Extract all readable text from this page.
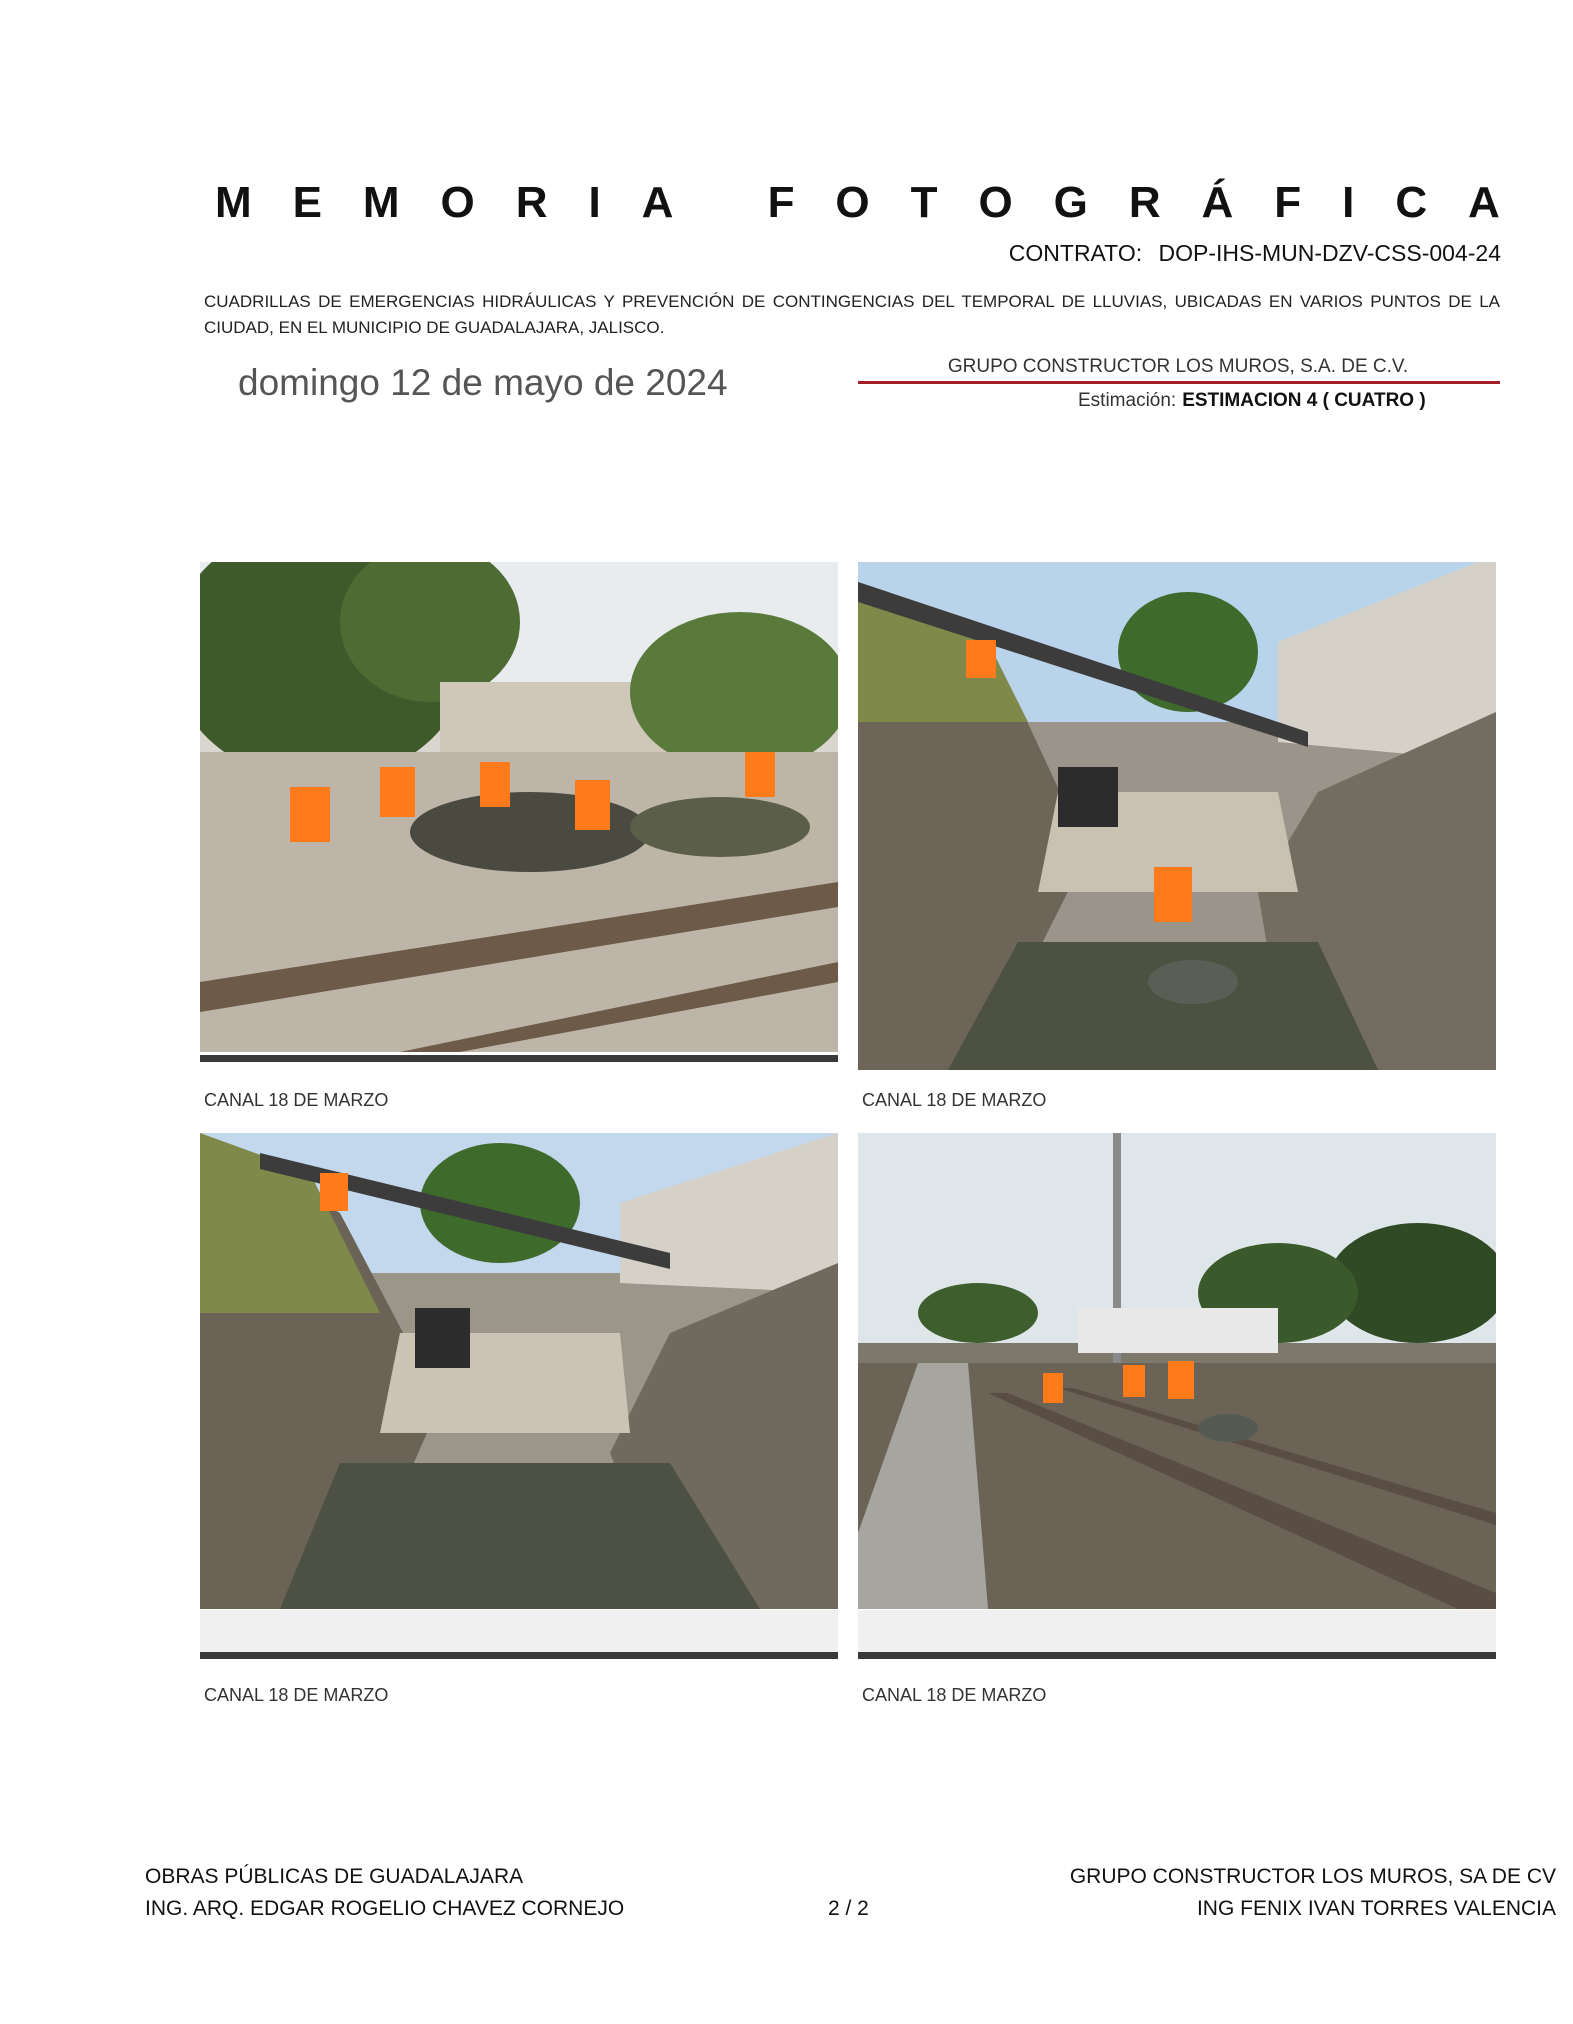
M E M O R I A
F O T O G R Á F I C A
CONTRATO: DOP-IHS-MUN-DZV-CSS-004-24
CUADRILLAS DE EMERGENCIAS HIDRÁULICAS Y PREVENCIÓN DE CONTINGENCIAS DEL TEMPORAL DE LLUVIAS, UBICADAS EN VARIOS PUNTOS DE LA CIUDAD, EN EL MUNICIPIO DE GUADALAJARA, JALISCO.
domingo 12 de mayo de 2024	GRUPO CONSTRUCTOR LOS MUROS, S.A. DE C.V.
Estimación: ESTIMACION 4 ( CUATRO )
CANAL 18 DE MARZO	CANAL 18 DE MARZO
CANAL 18 DE MARZO	CANAL 18 DE MARZO
OBRAS PÚBLICAS DE GUADALAJARA
ING. ARQ. EDGAR ROGELIO CHAVEZ CORNEJO	2 / 2
GRUPO CONSTRUCTOR LOS MUROS, SA DE CV
ING FENIX IVAN TORRES VALENCIA
